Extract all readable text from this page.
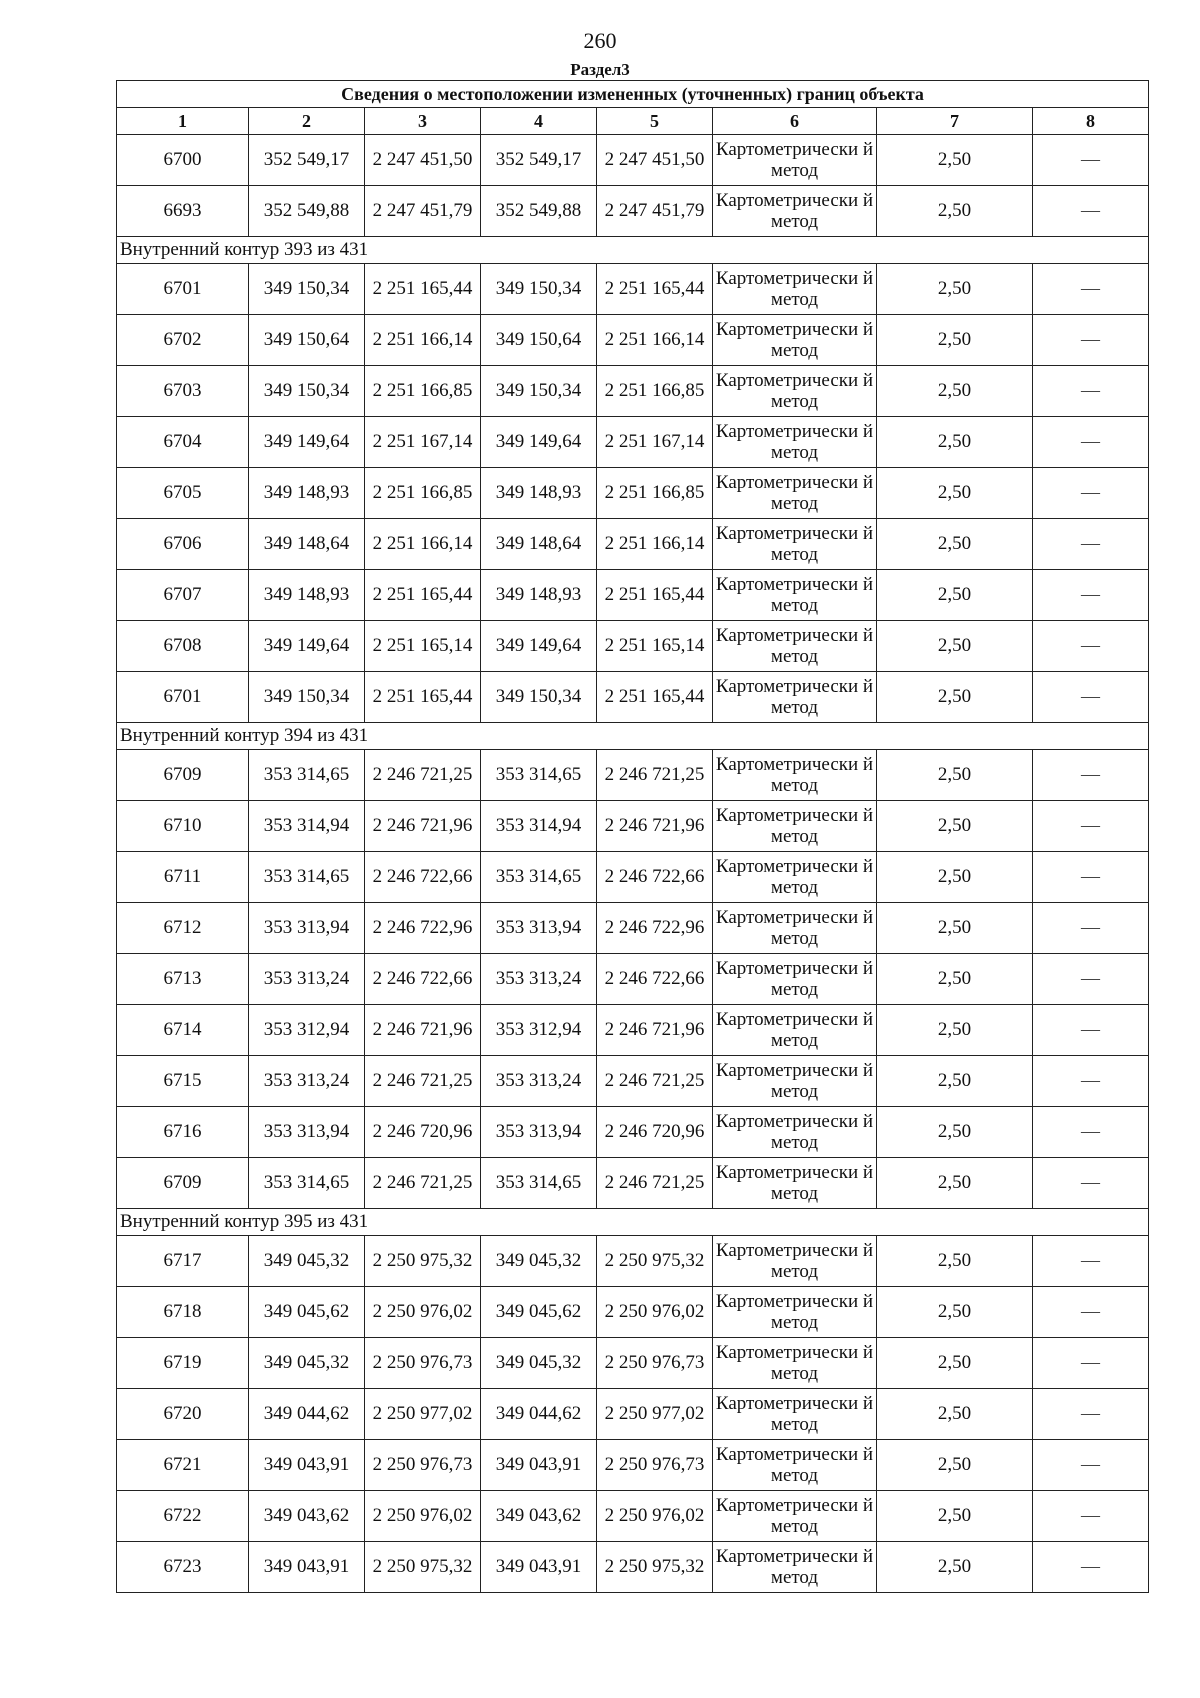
260
Раздел3
Сведения о местоположении измененных (уточненных) границ объекта							
1	2	3	4	5	6	7	8
6700	352 549,17	2 247 451,50	352 549,17	2 247 451,50	Картометрически й метод	2,50	—
6693	352 549,88	2 247 451,79	352 549,88	2 247 451,79	Картометрически й метод	2,50	—
Внутренний контур 393 из 431							
6701	349 150,34	2 251 165,44	349 150,34	2 251 165,44	Картометрически й метод	2,50	—
6702	349 150,64	2 251 166,14	349 150,64	2 251 166,14	Картометрически й метод	2,50	—
6703	349 150,34	2 251 166,85	349 150,34	2 251 166,85	Картометрически й метод	2,50	—
6704	349 149,64	2 251 167,14	349 149,64	2 251 167,14	Картометрически й метод	2,50	—
6705	349 148,93	2 251 166,85	349 148,93	2 251 166,85	Картометрически й метод	2,50	—
6706	349 148,64	2 251 166,14	349 148,64	2 251 166,14	Картометрически й метод	2,50	—
6707	349 148,93	2 251 165,44	349 148,93	2 251 165,44	Картометрически й метод	2,50	—
6708	349 149,64	2 251 165,14	349 149,64	2 251 165,14	Картометрически й метод	2,50	—
6701	349 150,34	2 251 165,44	349 150,34	2 251 165,44	Картометрически й метод	2,50	—
Внутренний контур 394 из 431							
6709	353 314,65	2 246 721,25	353 314,65	2 246 721,25	Картометрически й метод	2,50	—
6710	353 314,94	2 246 721,96	353 314,94	2 246 721,96	Картометрически й метод	2,50	—
6711	353 314,65	2 246 722,66	353 314,65	2 246 722,66	Картометрически й метод	2,50	—
6712	353 313,94	2 246 722,96	353 313,94	2 246 722,96	Картометрически й метод	2,50	—
6713	353 313,24	2 246 722,66	353 313,24	2 246 722,66	Картометрически й метод	2,50	—
6714	353 312,94	2 246 721,96	353 312,94	2 246 721,96	Картометрически й метод	2,50	—
6715	353 313,24	2 246 721,25	353 313,24	2 246 721,25	Картометрически й метод	2,50	—
6716	353 313,94	2 246 720,96	353 313,94	2 246 720,96	Картометрически й метод	2,50	—
6709	353 314,65	2 246 721,25	353 314,65	2 246 721,25	Картометрически й метод	2,50	—
Внутренний контур 395 из 431							
6717	349 045,32	2 250 975,32	349 045,32	2 250 975,32	Картометрически й метод	2,50	—
6718	349 045,62	2 250 976,02	349 045,62	2 250 976,02	Картометрически й метод	2,50	—
6719	349 045,32	2 250 976,73	349 045,32	2 250 976,73	Картометрически й метод	2,50	—
6720	349 044,62	2 250 977,02	349 044,62	2 250 977,02	Картометрически й метод	2,50	—
6721	349 043,91	2 250 976,73	349 043,91	2 250 976,73	Картометрически й метод	2,50	—
6722	349 043,62	2 250 976,02	349 043,62	2 250 976,02	Картометрически й метод	2,50	—
6723	349 043,91	2 250 975,32	349 043,91	2 250 975,32	Картометрически й метод	2,50	—
